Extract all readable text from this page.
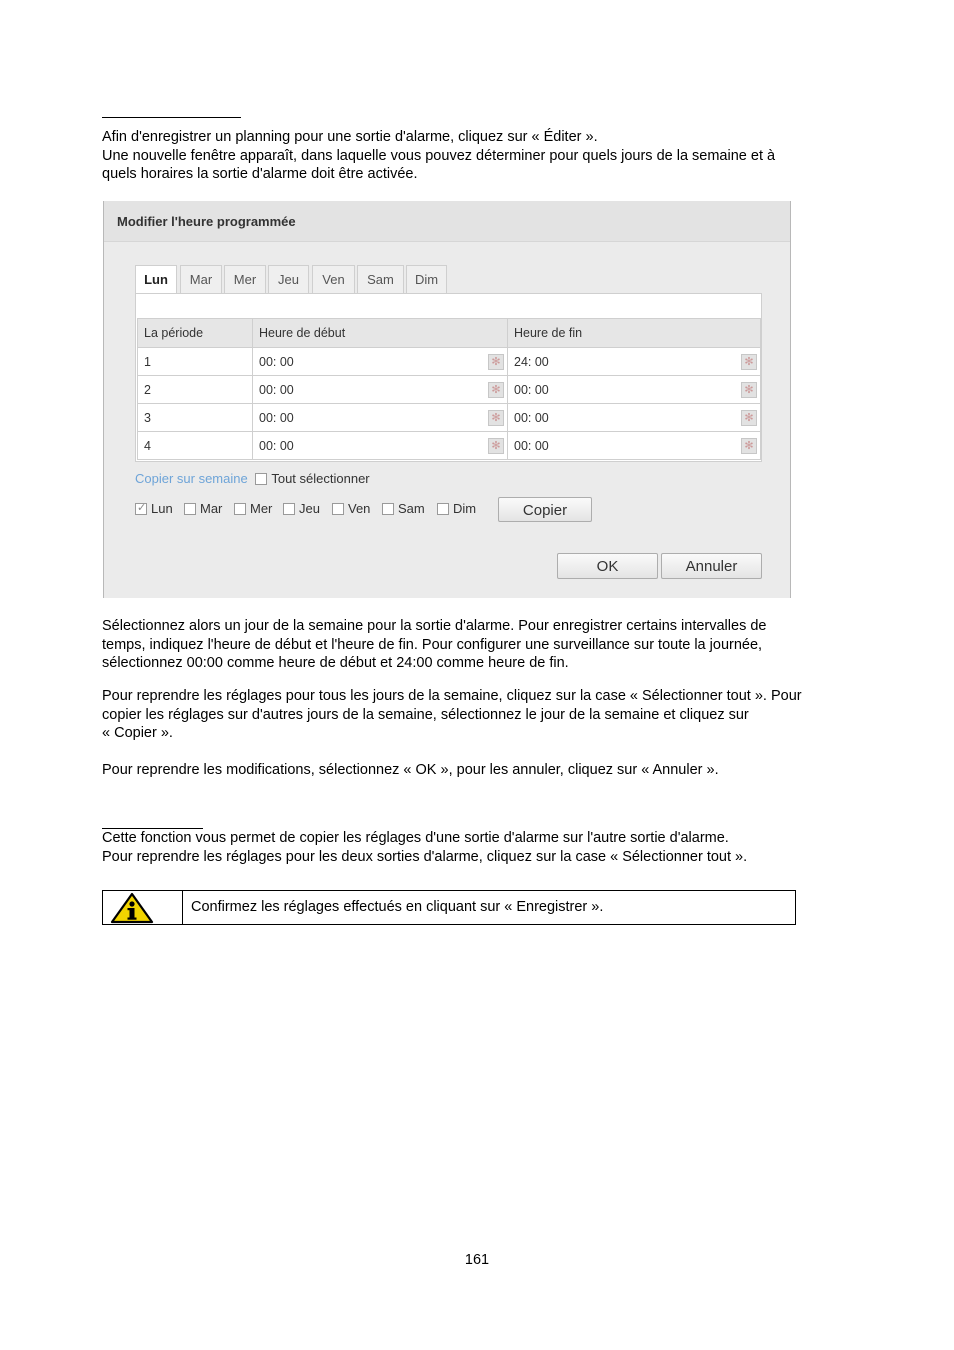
Afin d'enregistrer un planning pour une sortie d'alarme, cliquez sur « Éditer ».
Une nouvelle fenêtre apparaît, dans laquelle vous pouvez déterminer pour quels jours de la semaine et à
quels horaires la sortie d'alarme doit être activée.
Modifier l'heure programmée
Lun	Mar	Mer	Jeu	Ven	Sam	Dim
La période	Heure de début	Heure de fin
1	00: 00 ✻	24: 00 ✻

2	00: 00 ✻	00: 00 ✻

3	00: 00 ✻	00: 00 ✻

4	00: 00 ✻	00: 00 ✻
Copier sur semaine Tout sélectionner
✓Lun	Mar	Mer	Jeu	Ven	Sam	Dim	Copier
OK	Annuler
Sélectionnez alors un jour de la semaine pour la sortie d'alarme. Pour enregistrer certains intervalles de
temps, indiquez l'heure de début et l'heure de fin. Pour configurer une surveillance sur toute la journée,
sélectionnez 00:00 comme heure de début et 24:00 comme heure de fin.
Pour reprendre les réglages pour tous les jours de la semaine, cliquez sur la case « Sélectionner tout ». Pour
copier les réglages sur d'autres jours de la semaine, sélectionnez le jour de la semaine et cliquez sur
« Copier ».
Pour reprendre les modifications, sélectionnez « OK », pour les annuler, cliquez sur « Annuler ».
Cette fonction vous permet de copier les réglages d'une sortie d'alarme sur l'autre sortie d'alarme.
Pour reprendre les réglages pour les deux sorties d'alarme, cliquez sur la case « Sélectionner tout ».
Confirmez les réglages effectués en cliquant sur « Enregistrer ».
161
